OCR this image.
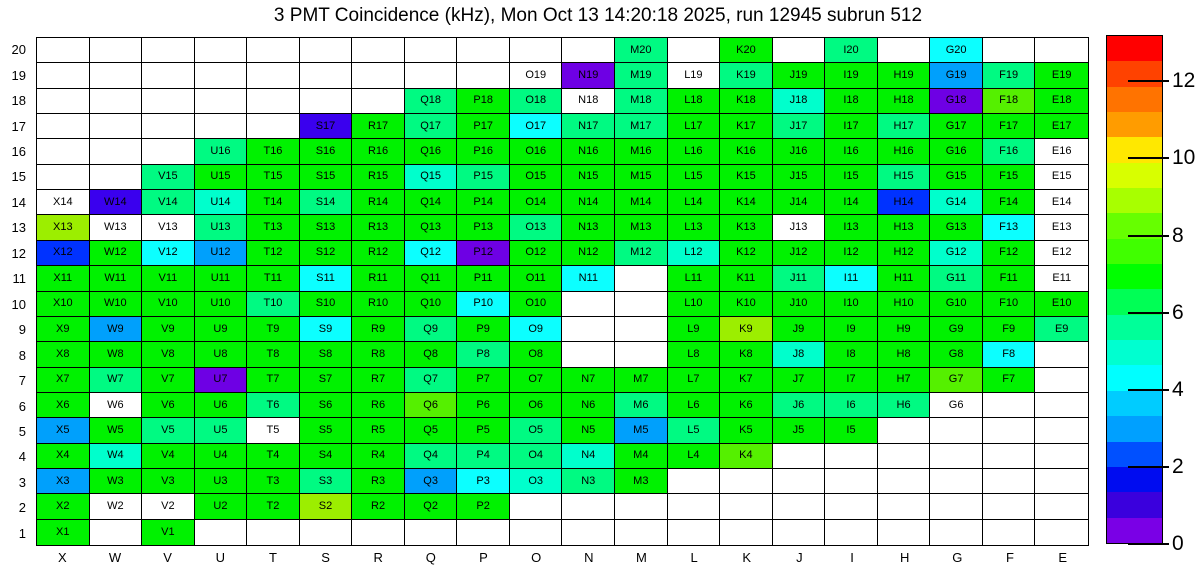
3 PMT Coincidence (kHz), Mon Oct 13 14:20:18 2025, run 12945 subrun 512
M20	K20	I20	G20
O19	N19	M19	L19	K19	J19	I19	H19	G19	F19	E19
Q18	P18	O18	N18	M18	L18	K18	J18	I18	H18	G18	F18	E18
S17	R17	Q17	P17	O17	N17	M17	L17	K17	J17	I17	H17	G17	F17	E17
U16	T16	S16	R16	Q16	P16	O16	N16	M16	L16	K16	J16	I16	H16	G16	F16	E16
V15	U15	T15	S15	R15	Q15	P15	O15	N15	M15	L15	K15	J15	I15	H15	G15	F15	E15
X14	W14	V14	U14	T14	S14	R14	Q14	P14	O14	N14	M14	L14	K14	J14	I14	H14	G14	F14	E14
X13	W13	V13	U13	T13	S13	R13	Q13	P13	O13	N13	M13	L13	K13	J13	I13	H13	G13	F13	E13
X12	W12	V12	U12	T12	S12	R12	Q12	P12	O12	N12	M12	L12	K12	J12	I12	H12	G12	F12	E12
X11	W11	V11	U11	T11	S11	R11	Q11	P11	O11	N11	L11	K11	J11	I11	H11	G11	F11	E11
X10	W10	V10	U10	T10	S10	R10	Q10	P10	O10	L10	K10	J10	I10	H10	G10	F10	E10
X9	W9	V9	U9	T9	S9	R9	Q9	P9	O9	L9	K9	J9	I9	H9	G9	F9	E9
X8	W8	V8	U8	T8	S8	R8	Q8	P8	O8	L8	K8	J8	I8	H8	G8	F8
X7	W7	V7	U7	T7	S7	R7	Q7	P7	O7	N7	M7	L7	K7	J7	I7	H7	G7	F7
X6	W6	V6	U6	T6	S6	R6	Q6	P6	O6	N6	M6	L6	K6	J6	I6	H6	G6
X5	W5	V5	U5	T5	S5	R5	Q5	P5	O5	N5	M5	L5	K5	J5	I5
X4	W4	V4	U4	T4	S4	R4	Q4	P4	O4	N4	M4	L4	K4
X3	W3	V3	U3	T3	S3	R3	Q3	P3	O3	N3	M3
X2	W2	V2	U2	T2	S2	R2	Q2	P2
X1	V1
20
19
18
17
16
15
14
13
12
11
10
9
8
7
6
5
4
3
2
1
X	W	V	U	T	S	R	Q	P	O	N	M	L	K	J	I	H	G	F	E
12
10
8
6
4
2
0
